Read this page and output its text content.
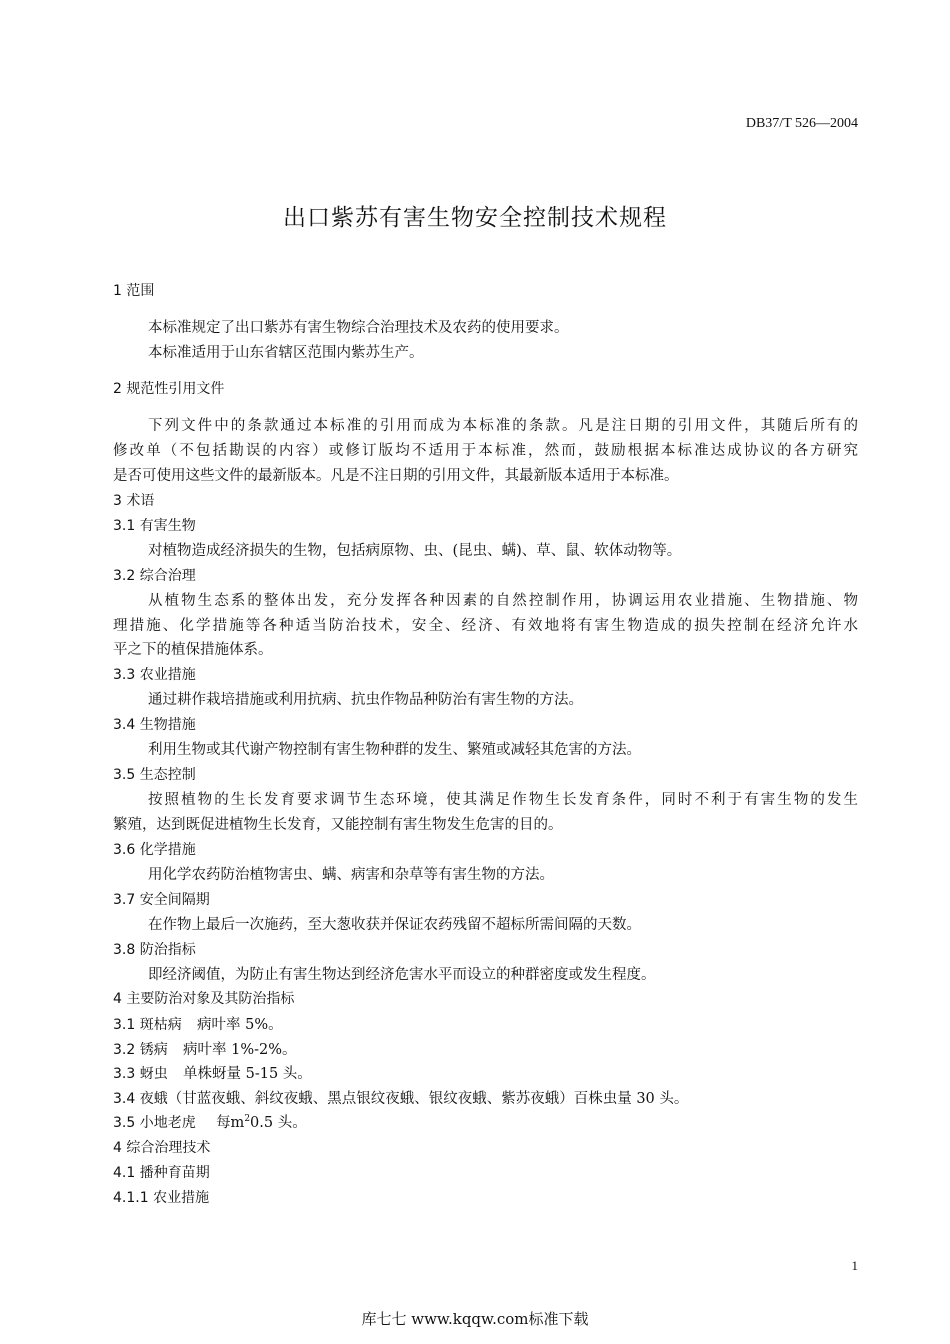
DB37/T 526—2004
出口紫苏有害生物安全控制技术规程
1 范围
本标准规定了出口紫苏有害生物综合治理技术及农药的使用要求。
本标准适用于山东省辖区范围内紫苏生产。
2 规范性引用文件
下列文件中的条款通过本标准的引用而成为本标准的条款。凡是注日期的引用文件，其随后所有的
修改单（不包括勘误的内容）或修订版均不适用于本标准，然而，鼓励根据本标准达成协议的各方研究
是否可使用这些文件的最新版本。凡是不注日期的引用文件，其最新版本适用于本标准。
3 术语
3.1 有害生物
对植物造成经济损失的生物，包括病原物、虫、(昆虫、螨)、草、鼠、软体动物等。
3.2 综合治理
从植物生态系的整体出发，充分发挥各种因素的自然控制作用，协调运用农业措施、生物措施、物
理措施、化学措施等各种适当防治技术，安全、经济、有效地将有害生物造成的损失控制在经济允许水
平之下的植保措施体系。
3.3 农业措施
通过耕作栽培措施或利用抗病、抗虫作物品种防治有害生物的方法。
3.4 生物措施
利用生物或其代谢产物控制有害生物种群的发生、繁殖或减轻其危害的方法。
3.5 生态控制
按照植物的生长发育要求调节生态环境，使其满足作物生长发育条件，同时不利于有害生物的发生
繁殖，达到既促进植物生长发育，又能控制有害生物发生危害的目的。
3.6 化学措施
用化学农药防治植物害虫、螨、病害和杂草等有害生物的方法。
3.7 安全间隔期
在作物上最后一次施药，至大葱收获并保证农药残留不超标所需间隔的天数。
3.8 防治指标
即经济阈值，为防止有害生物达到经济危害水平而设立的种群密度或发生程度。
4 主要防治对象及其防治指标
3.1 斑枯病 病叶率 5%。
3.2 锈病 病叶率 1%-2%。
3.3 蚜虫 单株蚜量 5-15 头。
3.4 夜蛾（甘蓝夜蛾、斜纹夜蛾、黑点银纹夜蛾、银纹夜蛾、紫苏夜蛾）百株虫量 30 头。
3.5 小地老虎 每$m^20.5$ 头。
4 综合治理技术
4.1 播种育苗期
4.1.1 农业措施
1
库七七 www.kqqw.com标准下载
